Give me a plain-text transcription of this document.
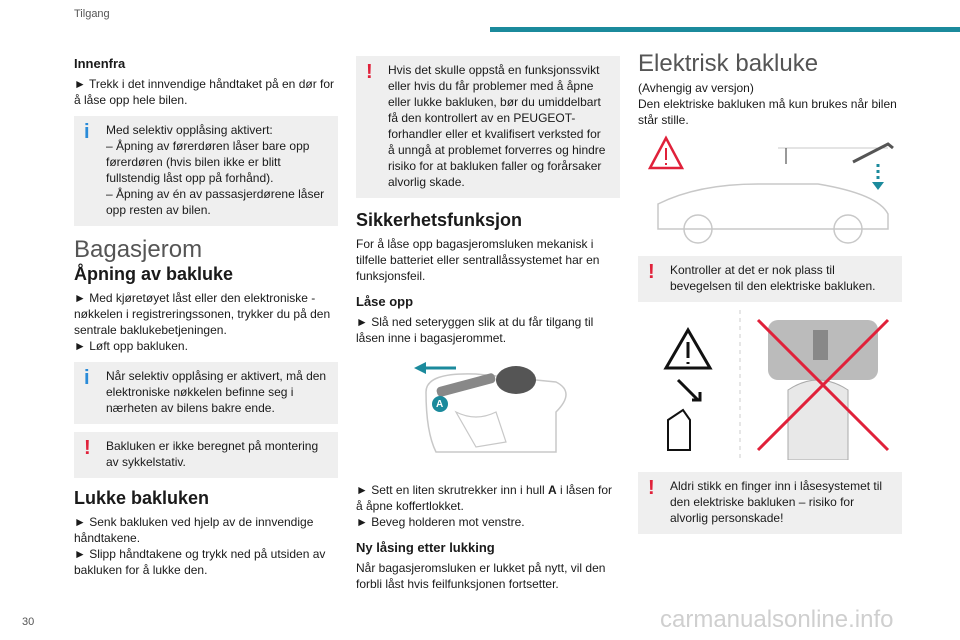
Tilgang
Innenfra

► Trekk i det innvendige håndtaket på en dør for å låse opp hele bilen.

i Med selektiv opplåsing aktivert:

– Åpning av førerdøren låser bare opp førerdøren (hvis bilen ikke er blitt fullstendig låst opp på forhånd).

– Åpning av én av passasjerdørene låser opp resten av bilen.

Bagasjerom
Åpning av bakluke

► Med kjøretøyet låst eller den elektroniske -nøkkelen i registreringssonen, trykker du på den sentrale baklukebetjeningen.

► Løft opp bakluken.

i Når selektiv opplåsing er aktivert, må den elektroniske nøkkelen befinne seg i nærheten av bilens bakre ende.

! Bakluken er ikke beregnet på montering av sykkelstativ.

Lukke bakluken

► Senk bakluken ved hjelp av de innvendige håndtakene.

► Slipp håndtakene og trykk ned på utsiden av bakluken for å lukke den.

! Hvis det skulle oppstå en funksjonssvikt eller hvis du får problemer med å åpne eller lukke bakluken, bør du umiddelbart få den kontrollert av en PEUGEOT-forhandler eller et kvalifisert verksted for å unngå at problemet forverres og hindre risiko for at bakluken faller og forårsaker alvorlig skade.

Sikkerhetsfunksjon

For å låse opp bagasjeromsluken mekanisk i tilfelle batteriet eller sentrallåssystemet har en funksjonsfeil.

Låse opp

► Slå ned seteryggen slik at du får tilgang til låsen inne i bagasjerommet.

A

► Sett en liten skrutrekker inn i hull A i låsen for å åpne koffertlokket.

► Beveg holderen mot venstre.

Ny låsing etter lukking

Når bagasjeromsluken er lukket på nytt, vil den forbli låst hvis feilfunksjonen fortsetter.

Elektrisk bakluke

(Avhengig av versjon)

Den elektriske bakluken må kun brukes når bilen står stille.

! Kontroller at det er nok plass til bevegelsen til den elektriske bakluken.

! Aldri stikk en finger inn i låsesystemet til den elektriske bakluken – risiko for alvorlig personskade!

30	carmanualsonline.info
